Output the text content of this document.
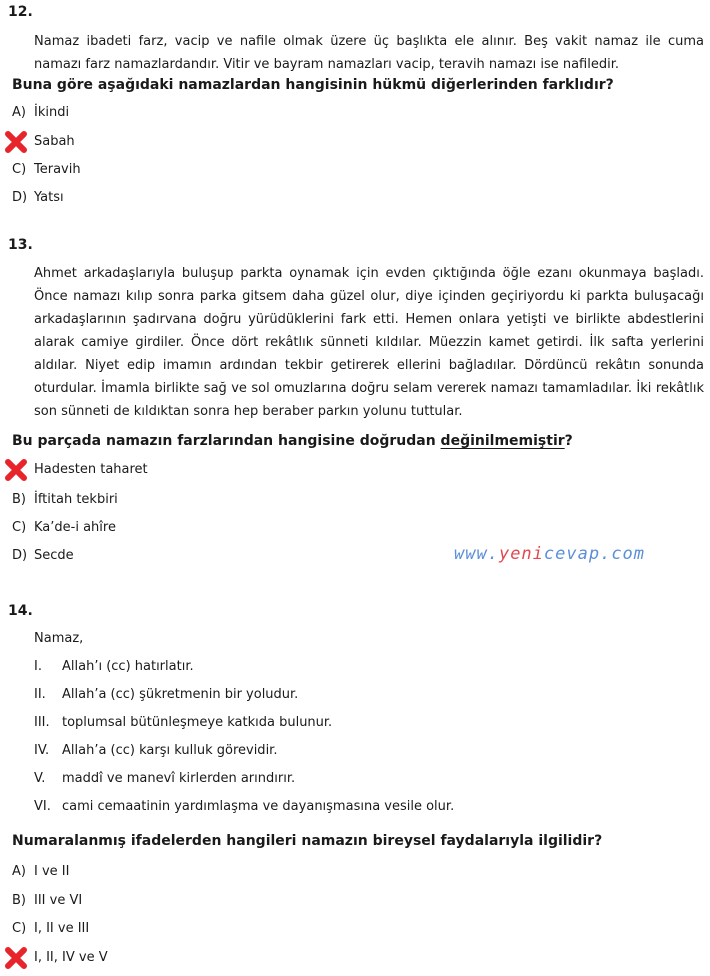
12.
Namaz ibadeti farz, vacip ve nafile olmak üzere üç başlıkta ele alınır. Beş vakit namaz ile cuma namazı farz namazlardandır. Vitir ve bayram namazları vacip, teravih namazı ise nafiledir.
Buna göre aşağıdaki namazlardan hangisinin hükmü diğerlerinden farklıdır?
A) İkindi
Sabah
C) Teravih
D) Yatsı
13.
Ahmet arkadaşlarıyla buluşup parkta oynamak için evden çıktığında öğle ezanı okunmaya başladı. Önce namazı kılıp sonra parka gitsem daha güzel olur, diye içinden geçiriyordu ki parkta buluşacağı arkadaşlarının şadırvana doğru yürüdüklerini fark etti. Hemen onlara yetişti ve birlikte abdestlerini alarak camiye girdiler. Önce dört rekâtlık sünneti kıldılar. Müezzin kamet getirdi. İlk safta yerlerini aldılar. Niyet edip imamın ardından tekbir getirerek ellerini bağladılar. Dördüncü rekâtın sonunda oturdular. İmamla birlikte sağ ve sol omuzlarına doğru selam vererek namazı tamamladılar. İki rekâtlık son sünneti de kıldıktan sonra hep beraber parkın yolunu tuttular.
Bu parçada namazın farzlarından hangisine doğrudan değinilmemiştir?
Hadesten taharet
B) İftitah tekbiri
C) Ka’de-i ahîre
D) Secde	www.yenicevap.com
14.
Namaz,
I. Allah’ı (cc) hatırlatır.
II. Allah’a (cc) şükretmenin bir yoludur.
III. toplumsal bütünleşmeye katkıda bulunur.
IV. Allah’a (cc) karşı kulluk görevidir.
V. maddî ve manevî kirlerden arındırır.
VI. cami cemaatinin yardımlaşma ve dayanışmasına vesile olur.
Numaralanmış ifadelerden hangileri namazın bireysel faydalarıyla ilgilidir?
A) I ve II
B) III ve VI
C) I, II ve III
I, II, IV ve V
